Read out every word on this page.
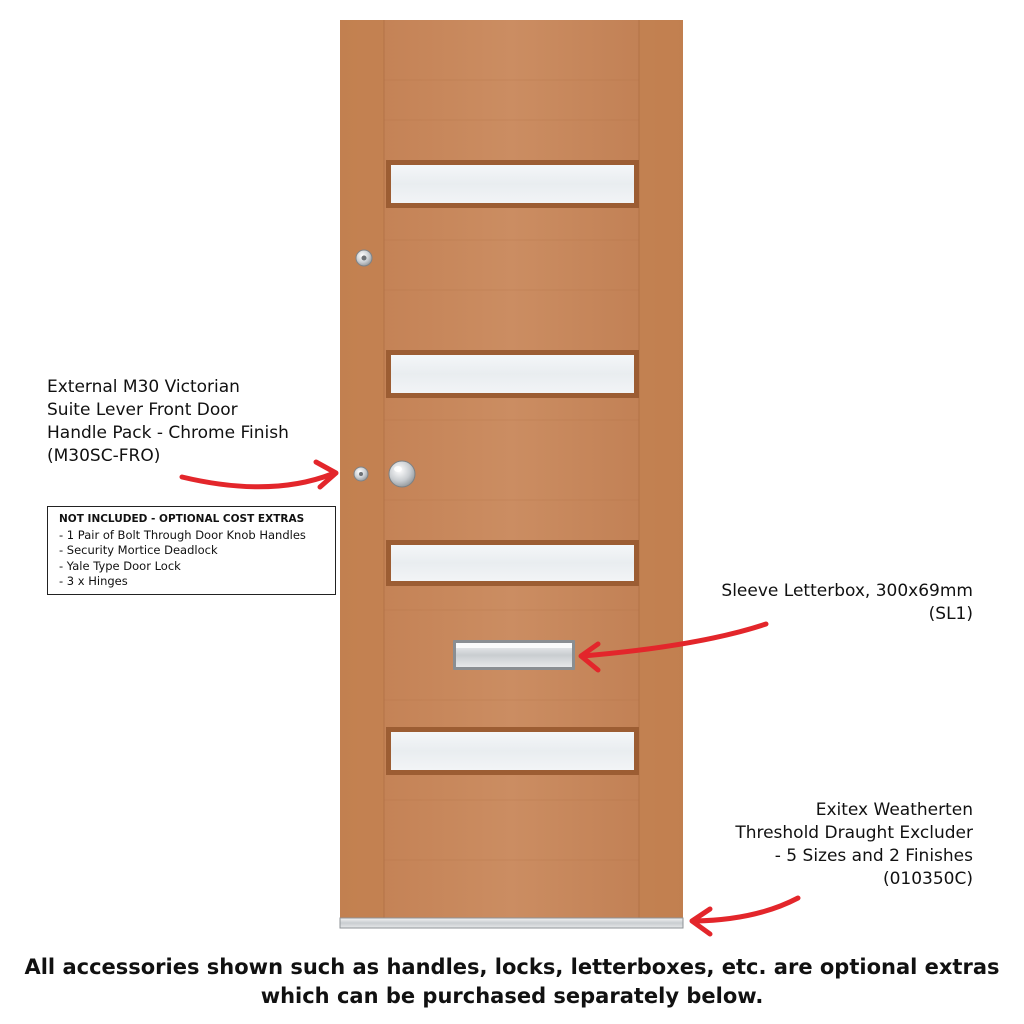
External M30 Victorian
Suite Lever Front Door
Handle Pack - Chrome Finish
(M30SC-FRO)
NOT INCLUDED - OPTIONAL COST EXTRAS
- 1 Pair of Bolt Through Door Knob Handles
- Security Mortice Deadlock
- Yale Type Door Lock
- 3 x Hinges	Sleeve Letterbox, 300x69mm
(SL1)
Exitex Weatherten
Threshold Draught Excluder
- 5 Sizes and 2 Finishes
(010350C)
All accessories shown such as handles, locks, letterboxes, etc. are optional extras
which can be purchased separately below.
